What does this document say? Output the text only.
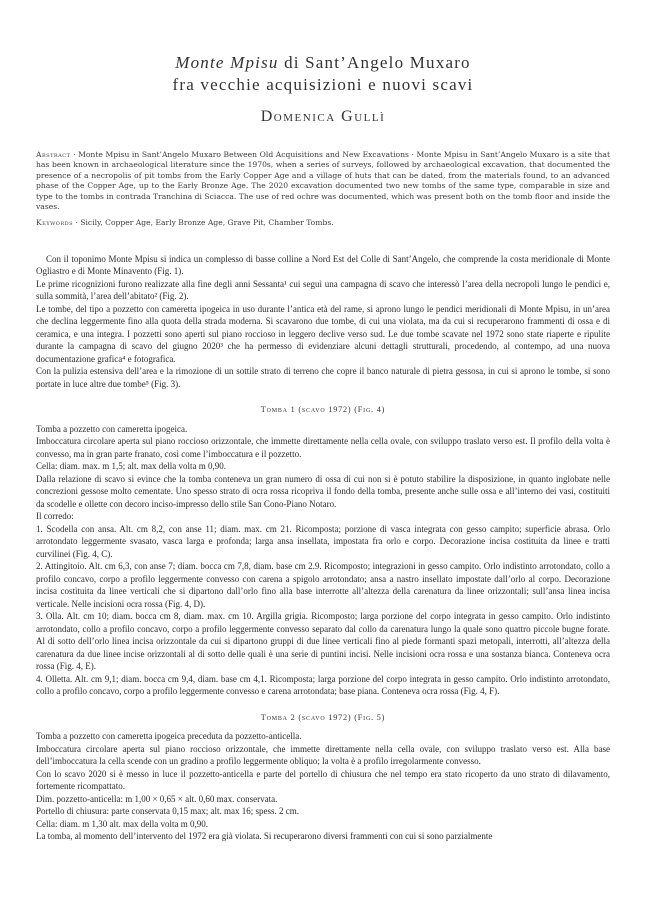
Monte Mpisu di Sant’Angelo Muxaro
fra vecchie acquisizioni e nuovi scavi
Domenica Gullì
Abstract · Monte Mpisu in Sant’Angelo Muxaro Between Old Acquisitions and New Excavations · Monte Mpisu in Sant’Angelo Muxaro is a site that has been known in archaeological literature since the 1970s, when a series of surveys, followed by archaeological excavation, that documented the presence of a necropolis of pit tombs from the Early Copper Age and a village of huts that can be dated, from the materials found, to an advanced phase of the Copper Age, up to the Early Bronze Age. The 2020 excavation documented two new tombs of the same type, comparable in size and type to the tombs in contrada Tranchina di Sciacca. The use of red ochre was documented, which was present both on the tomb floor and inside the vases.
Keywords · Sicily, Copper Age, Early Bronze Age, Grave Pit, Chamber Tombs.

Con il toponimo Monte Mpisu si indica un complesso di basse colline a Nord Est del Colle di Sant’Angelo, che comprende la costa meridionale di Monte Ogliastro e di Monte Minavento (Fig. 1).

Le prime ricognizioni furono realizzate alla fine degli anni Sessanta¹ cui seguì una campagna di scavo che interessò l’area della necropoli lungo le pendici e, sulla sommità, l’area dell’abitato² (Fig. 2).

Le tombe, del tipo a pozzetto con cameretta ipogeica in uso durante l’antica età del rame, si aprono lungo le pendici meridionali di Monte Mpisu, in un’area che declina leggermente fino alla quota della strada moderna. Si scavarono due tombe, di cui una violata, ma da cui si recuperarono frammenti di ossa e di ceramica, e una integra. I pozzetti sono aperti sul piano roccioso in leggero declive verso sud. Le due tombe scavate nel 1972 sono state riaperte e ripulite durante la campagna di scavo del giugno 2020³ che ha permesso di evidenziare alcuni dettagli strutturali, procedendo, al contempo, ad una nuova documentazione grafica⁴ e fotografica.

Con la pulizia estensiva dell’area e la rimozione di un sottile strato di terreno che copre il banco naturale di pietra gessosa, in cui si aprono le tombe, si sono portate in luce altre due tombe⁵ (Fig. 3).

Tomba 1 (scavo 1972) (Fig. 4)

Tomba a pozzetto con cameretta ipogeica.

Imboccatura circolare aperta sul piano roccioso orizzontale, che immette direttamente nella cella ovale, con sviluppo traslato verso est. Il profilo della volta è convesso, ma in gran parte franato, così come l’imboccatura e il pozzetto.

Cella: diam. max. m 1,5; alt. max della volta m 0,90.

Dalla relazione di scavo si evince che la tomba conteneva un gran numero di ossa di cui non si è potuto stabilire la disposizione, in quanto inglobate nelle concrezioni gessose molto cementate. Uno spesso strato di ocra rossa ricopriva il fondo della tomba, presente anche sulle ossa e all’interno dei vasi, costituiti da scodelle e ollette con decoro inciso-impresso dello stile San Cono-Piano Notaro.

Il corredo:

1. Scodella con ansa. Alt. cm 8,2, con anse 11; diam. max. cm 21. Ricomposta; porzione di vasca integrata con gesso campito; superficie abrasa. Orlo arrotondato leggermente svasato, vasca larga e profonda; larga ansa insellata, impostata fra orlo e corpo. Decorazione incisa costituita da linee e tratti curvilinei (Fig. 4, C).

2. Attingitoio. Alt. cm 6,3, con anse 7; diam. bocca cm 7,8, diam. base cm 2.9. Ricomposto; integrazioni in gesso campito. Orlo indistinto arrotondato, collo a profilo concavo, corpo a profilo leggermente convesso con carena a spigolo arrotondato; ansa a nastro insellato impostate dall’orlo al corpo. Decorazione incisa costituita da linee verticali che si dipartono dall’orlo fino alla base interrotte all’altezza della carenatura da linee orizzontali; sull’ansa linea incisa verticale. Nelle incisioni ocra rossa (Fig. 4, D).

3. Olla. Alt. cm 10; diam. bocca cm 8, diam. max. cm 10. Argilla grigia. Ricomposto; larga porzione del corpo integrata in gesso campito. Orlo indistinto arrotondato, collo a profilo concavo, corpo a profilo leggermente convesso separato dal collo da carenatura lungo la quale sono quattro piccole bugne forate. Al di sotto dell’orlo linea incisa orizzontale da cui si dipartono gruppi di due linee verticali fino al piede formanti spazi metopali, interrotti, all’altezza della carenatura da due linee incise orizzontali al di sotto delle quali è una serie di puntini incisi. Nelle incisioni ocra rossa e una sostanza bianca. Conteneva ocra rossa (Fig. 4, E).

4. Olletta. Alt. cm 9,1; diam. bocca cm 9,4, diam. base cm 4,1. Ricomposta; larga porzione del corpo integrata in gesso campito. Orlo indistinto arrotondato, collo a profilo concavo, corpo a profilo leggermente convesso e carena arrotondata; base piana. Conteneva ocra rossa (Fig. 4, F).

Tomba 2 (scavo 1972) (Fig. 5)

Tomba a pozzetto con cameretta ipogeica preceduta da pozzetto-anticella.

Imboccatura circolare aperta sul piano roccioso orizzontale, che immette direttamente nella cella ovale, con sviluppo traslato verso est. Alla base dell’imboccatura la cella scende con un gradino a profilo leggermente obliquo; la volta è a profilo irregolarmente convesso.

Con lo scavo 2020 si è messo in luce il pozzetto-anticella e parte del portello di chiusura che nel tempo era stato ricoperto da uno strato di dilavamento, fortemente ricompattato.

Dim. pozzetto-anticella: m 1,00 × 0,65 × alt. 0,60 max. conservata.

Portello di chiusura: parte conservata 0,15 max; alt. max 16; spess. 2 cm.

Cella: diam. m 1,30 alt. max della volta m 0,90.

La tomba, al momento dell’intervento del 1972 era già violata. Si recuperarono diversi frammenti con cui si sono parzialmente
